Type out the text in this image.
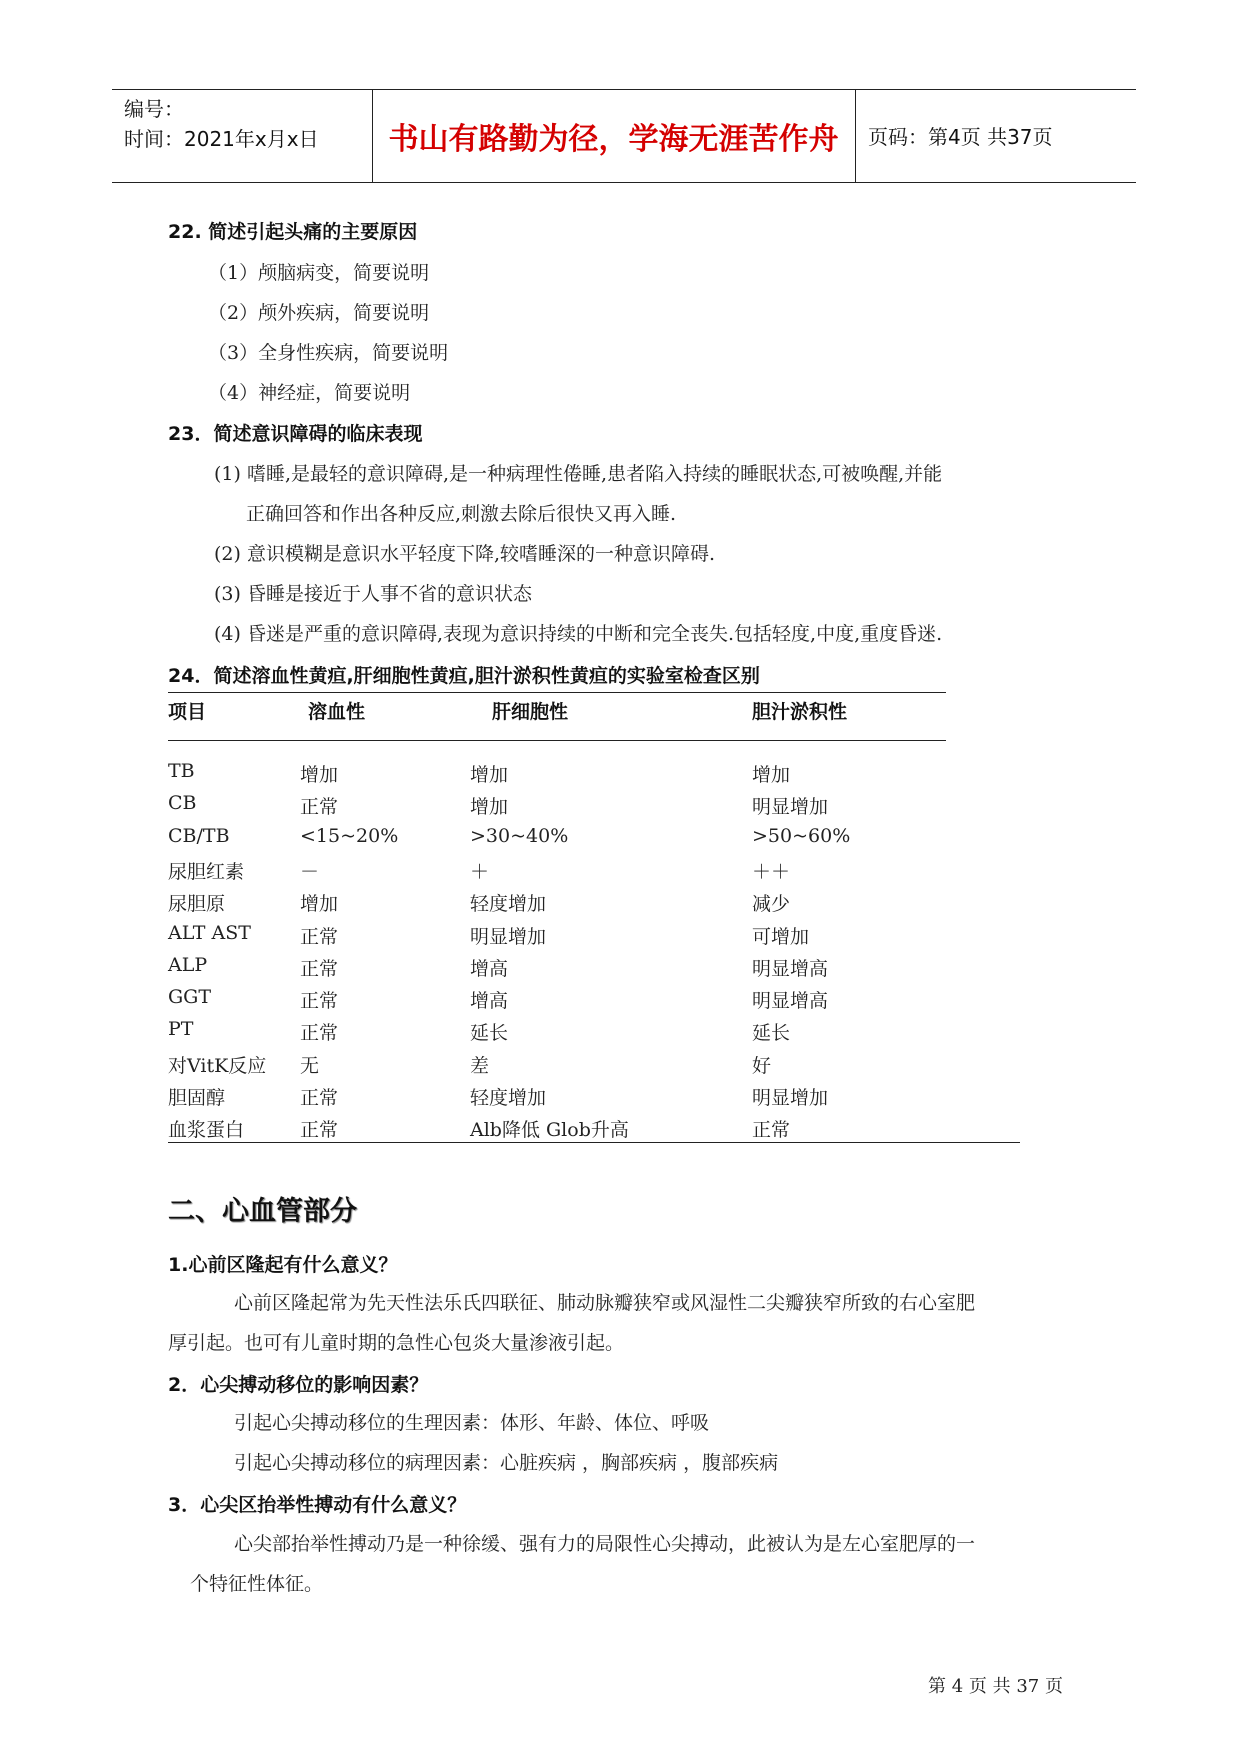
编号：
时间：2021年x月x日	书山有路勤为径，学海无涯苦作舟	页码：第4页 共37页
22. 简述引起头痛的主要原因
（1）颅脑病变，简要说明
（2）颅外疾病，简要说明
（3）全身性疾病，简要说明
（4）神经症，简要说明
23．简述意识障碍的临床表现
(1) 嗜睡,是最轻的意识障碍,是一种病理性倦睡,患者陷入持续的睡眠状态,可被唤醒,并能
正确回答和作出各种反应,刺激去除后很快又再入睡.
(2) 意识模糊是意识水平轻度下降,较嗜睡深的一种意识障碍.
(3) 昏睡是接近于人事不省的意识状态
(4) 昏迷是严重的意识障碍,表现为意识持续的中断和完全丧失.包括轻度,中度,重度昏迷.
24．简述溶血性黄疸,肝细胞性黄疸,胆汁淤积性黄疸的实验室检查区别
项目	溶血性	肝细胞性	胆汁淤积性
TB	增加	增加	增加
CB	正常	增加	明显增加
CB/TB	<15~20%	>30~40%	>50~60%
尿胆红素	－	＋	＋＋
尿胆原	增加	轻度增加	减少
ALT AST	正常	明显增加	可增加
ALP	正常	增高	明显增高
GGT	正常	增高	明显增高
PT	正常	延长	延长
对VitK反应 无	差	好
胆固醇	正常	轻度增加	明显增加
血浆蛋白	正常	Alb降低 Glob升高	正常
二、心血管部分
1.心前区隆起有什么意义？
心前区隆起常为先天性法乐氏四联征、肺动脉瓣狭窄或风湿性二尖瓣狭窄所致的右心室肥
厚引起。也可有儿童时期的急性心包炎大量渗液引起。
2．心尖搏动移位的影响因素？
引起心尖搏动移位的生理因素：体形、年龄、体位、呼吸
引起心尖搏动移位的病理因素：心脏疾病 ，胸部疾病 ，腹部疾病
3．心尖区抬举性搏动有什么意义？
心尖部抬举性搏动乃是一种徐缓、强有力的局限性心尖搏动，此被认为是左心室肥厚的一
个特征性体征。
第 4 页 共 37 页
